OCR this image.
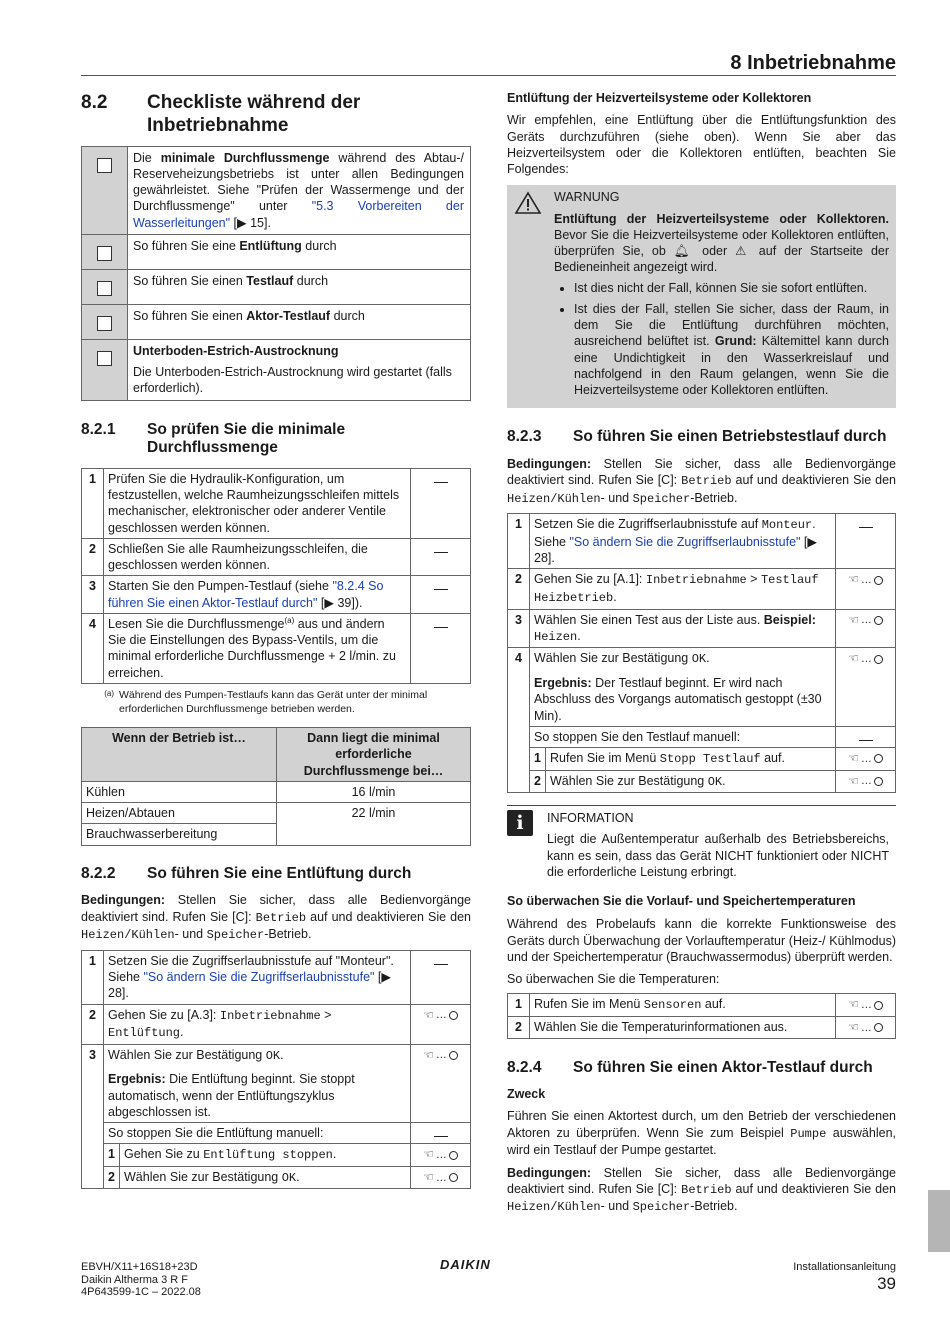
8 Inbetriebnahme
8.2	Checkliste während der Inbetriebnahme
	Die minimale Durchflussmenge während des Abtau-/ Reserveheizungsbetriebs ist unter allen Bedingungen gewährleistet. Siehe "Prüfen der Wassermenge und der Durchflussmenge" unter "5.3 Vorbereiten der Wasserleitungen" [▶ 15].
	So führen Sie eine Entlüftung durch
	So führen Sie einen Testlauf durch
	So führen Sie einen Aktor-Testlauf durch
	Unterboden-Estrich-Austrocknung
Die Unterboden-Estrich-Austrocknung wird gestartet (falls erforderlich).
8.2.1	So prüfen Sie die minimale Durchflussmenge
1	Prüfen Sie die Hydraulik-Konfiguration, um festzustellen, welche Raumheizungsschleifen mittels mechanischer, elektronischer oder anderer Ventile geschlossen werden können.	
2	Schließen Sie alle Raumheizungsschleifen, die geschlossen werden können.	
3	Starten Sie den Pumpen-Testlauf (siehe "8.2.4 So führen Sie einen Aktor-Testlauf durch" [▶ 39]).	
4	Lesen Sie die Durchflussmenge$^{(a)}$ aus und ändern Sie die Einstellungen des Bypass-Ventils, um die minimal erforderliche Durchflussmenge + 2 l/min. zu erreichen.	
(a) Während des Pumpen-Testlaufs kann das Gerät unter der minimal erforderlichen Durchflussmenge betrieben werden.
Wenn der Betrieb ist…	Dann liegt die minimal erforderliche Durchflussmenge bei…
Kühlen	16 l/min
Heizen/Abtauen	22 l/min
Brauchwasserbereitung	
8.2.2	So führen Sie eine Entlüftung durch

Bedingungen: Stellen Sie sicher, dass alle Bedienvorgänge deaktiviert sind. Rufen Sie [C]: Betrieb auf und deaktivieren Sie den Heizen/Kühlen- und Speicher-Betrieb.

1	Setzen Sie die Zugriffserlaubnisstufe auf "Monteur". Siehe "So ändern Sie die Zugriffserlaubnisstufe" [▶ 28].		
2	Gehen Sie zu [A.3]: Inbetriebnahme > Entlüftung.		☜ …

3	Wählen Sie zur Bestätigung OK.
Ergebnis: Die Entlüftung beginnt. Sie stoppt automatisch, wenn der Entlüftungszyklus abgeschlossen ist.		☜ …

	So stoppen Sie die Entlüftung manuell:		
	1	Gehen Sie zu Entlüftung stoppen.	☜ …

	2	Wählen Sie zur Bestätigung OK.	☜ …
Entlüftung der Heizverteilsysteme oder Kollektoren

Wir empfehlen, eine Entlüftung über die Entlüftungsfunktion des Geräts durchzuführen (siehe oben). Wenn Sie aber das Heizverteilsystem oder die Kollektoren entlüften, beachten Sie Folgendes:

WARNUNG

Entlüftung der Heizverteilsysteme oder Kollektoren. Bevor Sie die Heizverteilsysteme oder Kollektoren entlüften, überprüfen Sie, ob 🔔︎ oder ⚠︎ auf der Startseite der Bedieneinheit angezeigt wird.

• Ist dies nicht der Fall, können Sie sie sofort entlüften.
• Ist dies der Fall, stellen Sie sicher, dass der Raum, in dem Sie die Entlüftung durchführen möchten, ausreichend belüftet ist. Grund: Kältemittel kann durch eine Undichtigkeit in den Wasserkreislauf und nachfolgend in den Raum gelangen, wenn Sie die Heizverteilsysteme oder Kollektoren entlüften.
8.2.3	So führen Sie einen Betriebstestlauf durch

Bedingungen: Stellen Sie sicher, dass alle Bedienvorgänge deaktiviert sind. Rufen Sie [C]: Betrieb auf und deaktivieren Sie den Heizen/Kühlen- und Speicher-Betrieb.

1	Setzen Sie die Zugriffserlaubnisstufe auf Monteur. Siehe "So ändern Sie die Zugriffserlaubnisstufe" [▶ 28].		
2	Gehen Sie zu [A.1]: Inbetriebnahme > Testlauf Heizbetrieb.		☜ …

3	Wählen Sie einen Test aus der Liste aus. Beispiel: Heizen.		☜ …

4	Wählen Sie zur Bestätigung OK.
Ergebnis: Der Testlauf beginnt. Er wird nach Abschluss des Vorgangs automatisch gestoppt (±30 Min).		☜ …

	So stoppen Sie den Testlauf manuell:		
	1	Rufen Sie im Menü Stopp Testlauf auf.	☜ …

	2	Wählen Sie zur Bestätigung OK.	☜ …
i	INFORMATION

Liegt die Außentemperatur außerhalb des Betriebsbereichs, kann es sein, dass das Gerät NICHT funktioniert oder NICHT die erforderliche Leistung erbringt.

So überwachen Sie die Vorlauf- und Speichertemperaturen

Während des Probelaufs kann die korrekte Funktionsweise des Geräts durch Überwachung der Vorlauftemperatur (Heiz-/ Kühlmodus) und der Speichertemperatur (Brauchwassermodus) überprüft werden.

So überwachen Sie die Temperaturen:

1	Rufen Sie im Menü Sensoren auf.	☜ …

2	Wählen Sie die Temperaturinformationen aus.	☜ …
8.2.4	So führen Sie einen Aktor-Testlauf durch
Zweck

Führen Sie einen Aktortest durch, um den Betrieb der verschiedenen Aktoren zu überprüfen. Wenn Sie zum Beispiel Pumpe auswählen, wird ein Testlauf der Pumpe gestartet.

Bedingungen: Stellen Sie sicher, dass alle Bedienvorgänge deaktiviert sind. Rufen Sie [C]: Betrieb auf und deaktivieren Sie den Heizen/Kühlen- und Speicher-Betrieb.

EBVH/X11+16S18+23D
Daikin Altherma 3 R F
4P643599-1C – 2022.08
DAIKIN	Installationsanleitung
39
